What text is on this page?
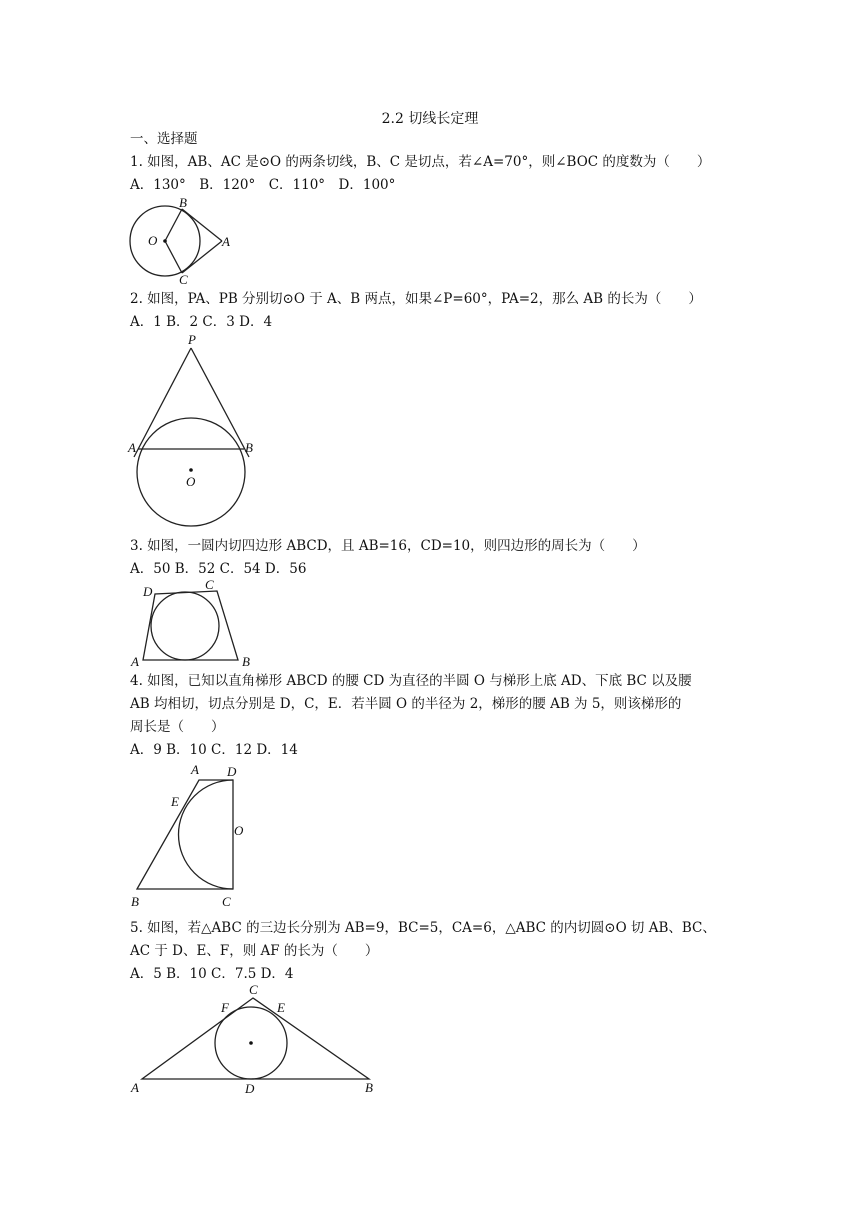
2.2 切线长定理
一、选择题
1. 如图，AB、AC 是⊙O 的两条切线，B、C 是切点，若∠A=70°，则∠BOC 的度数为（　　）
A．130°　B．120°　C．110°　D．100°
B
O	A
C
2. 如图，PA、PB 分别切⊙O 于 A、B 两点，如果∠P=60°，PA=2，那么 AB 的长为（　　）
A．1 B．2 C．3 D．4
P
A	B
O
3. 如图，一圆内切四边形 ABCD，且 AB=16，CD=10，则四边形的周长为（　　）
A．50 B．52 C．54 D．56
C
D
A	B
4. 如图，已知以直角梯形 ABCD 的腰 CD 为直径的半圆 O 与梯形上底 AD、下底 BC 以及腰
AB 均相切，切点分别是 D，C，E．若半圆 O 的半径为 2，梯形的腰 AB 为 5，则该梯形的
周长是（　　）
A．9 B．10 C．12 D．14
A D
E
O
B	C
5. 如图，若△ABC 的三边长分别为 AB=9，BC=5，CA=6，△ABC 的内切圆⊙O 切 AB、BC、
AC 于 D、E、F，则 AF 的长为（　　）
A．5 B．10 C．7.5 D．4
C
F	E
A	D	B
